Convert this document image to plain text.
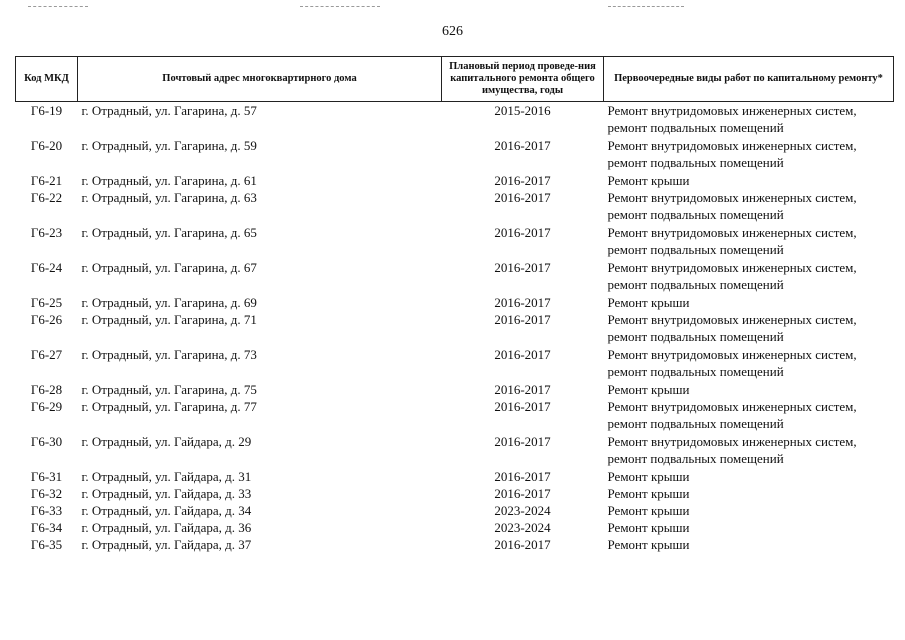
626
Код МКД	Почтовый адрес многоквартирного дома	Плановый период проведе-ния капитального ремонта общего имущества, годы	Первоочередные виды работ по капитальному ремонту*
Г6-19	г. Отрадный, ул. Гагарина, д. 57	2015-2016	Ремонт внутридомовых инженерных систем, ремонт подвальных помещений
Г6-20	г. Отрадный, ул. Гагарина, д. 59	2016-2017	Ремонт внутридомовых инженерных систем, ремонт подвальных помещений
Г6-21	г. Отрадный, ул. Гагарина, д. 61	2016-2017	Ремонт крыши
Г6-22	г. Отрадный, ул. Гагарина, д. 63	2016-2017	Ремонт внутридомовых инженерных систем, ремонт подвальных помещений
Г6-23	г. Отрадный, ул. Гагарина, д. 65	2016-2017	Ремонт внутридомовых инженерных систем, ремонт подвальных помещений
Г6-24	г. Отрадный, ул. Гагарина, д. 67	2016-2017	Ремонт внутридомовых инженерных систем, ремонт подвальных помещений
Г6-25	г. Отрадный, ул. Гагарина, д. 69	2016-2017	Ремонт крыши
Г6-26	г. Отрадный, ул. Гагарина, д. 71	2016-2017	Ремонт внутридомовых инженерных систем, ремонт подвальных помещений
Г6-27	г. Отрадный, ул. Гагарина, д. 73	2016-2017	Ремонт внутридомовых инженерных систем, ремонт подвальных помещений
Г6-28	г. Отрадный, ул. Гагарина, д. 75	2016-2017	Ремонт крыши
Г6-29	г. Отрадный, ул. Гагарина, д. 77	2016-2017	Ремонт внутридомовых инженерных систем, ремонт подвальных помещений
Г6-30	г. Отрадный, ул. Гайдара, д. 29	2016-2017	Ремонт внутридомовых инженерных систем, ремонт подвальных помещений
Г6-31	г. Отрадный, ул. Гайдара, д. 31	2016-2017	Ремонт крыши
Г6-32	г. Отрадный, ул. Гайдара, д. 33	2016-2017	Ремонт крыши
Г6-33	г. Отрадный, ул. Гайдара, д. 34	2023-2024	Ремонт крыши
Г6-34	г. Отрадный, ул. Гайдара, д. 36	2023-2024	Ремонт крыши
Г6-35	г. Отрадный, ул. Гайдара, д. 37	2016-2017	Ремонт крыши
